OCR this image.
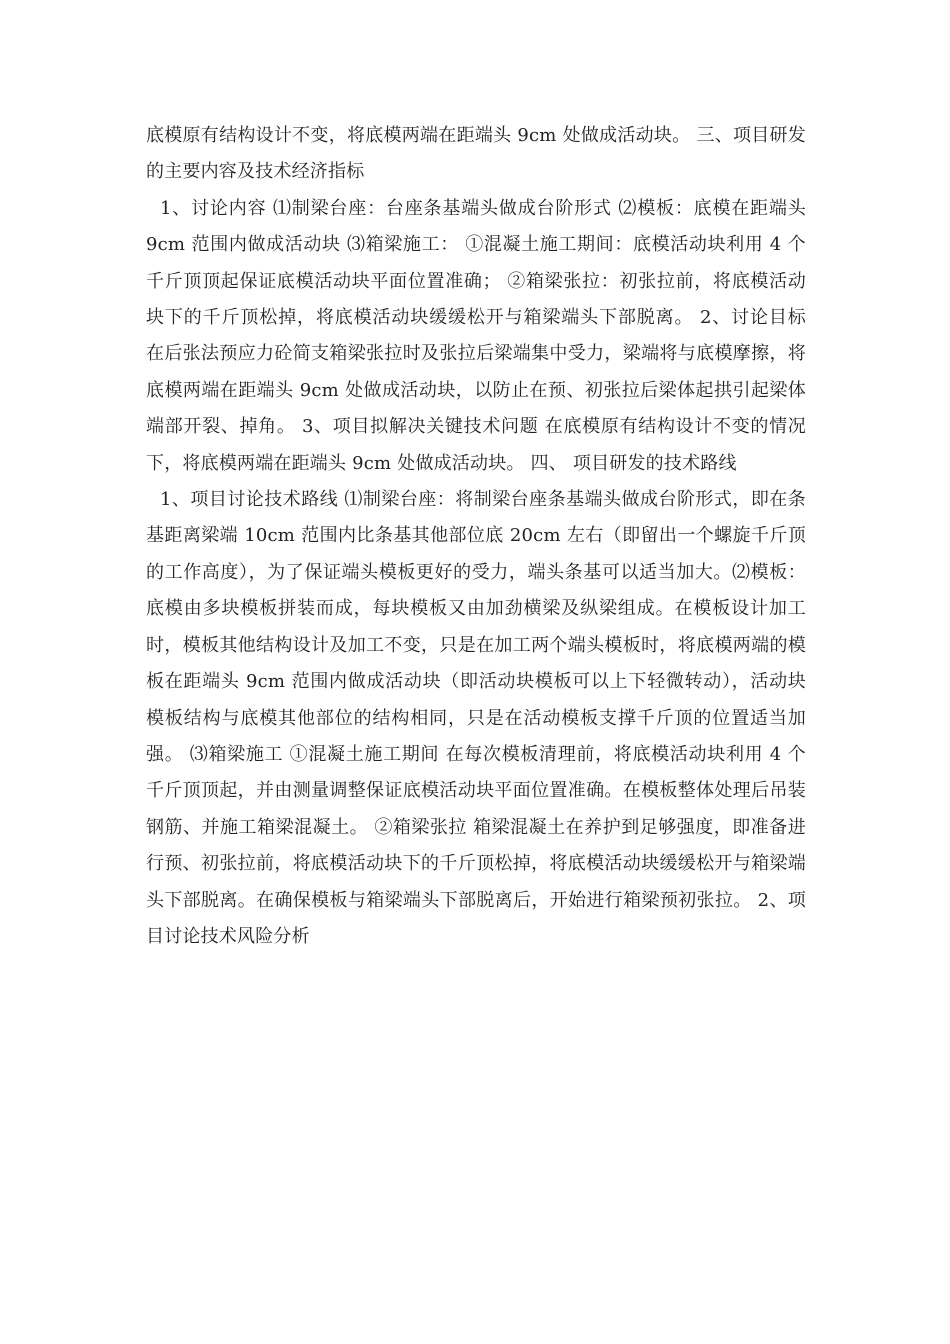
底模原有结构设计不变，将底模两端在距端头 9cm 处做成活动块。 三、项目研发的主要内容及技术经济指标

1、讨论内容 ⑴制梁台座：台座条基端头做成台阶形式 ⑵模板：底模在距端头 9cm 范围内做成活动块 ⑶箱梁施工： ①混凝土施工期间：底模活动块利用 4 个千斤顶顶起保证底模活动块平面位置准确； ②箱梁张拉：初张拉前，将底模活动块下的千斤顶松掉，将底模活动块缓缓松开与箱梁端头下部脱离。 2、讨论目标 在后张法预应力砼简支箱梁张拉时及张拉后梁端集中受力，梁端将与底模摩擦，将底模两端在距端头 9cm 处做成活动块，以防止在预、初张拉后梁体起拱引起梁体端部开裂、掉角。 3、项目拟解决关键技术问题 在底模原有结构设计不变的情况下，将底模两端在距端头 9cm 处做成活动块。 四、 项目研发的技术路线

1、项目讨论技术路线 ⑴制梁台座：将制梁台座条基端头做成台阶形式，即在条基距离梁端 10cm 范围内比条基其他部位底 20cm 左右（即留出一个螺旋千斤顶的工作高度），为了保证端头模板更好的受力，端头条基可以适当加大。⑵模板：底模由多块模板拼装而成，每块模板又由加劲横梁及纵梁组成。在模板设计加工时，模板其他结构设计及加工不变，只是在加工两个端头模板时，将底模两端的模板在距端头 9cm 范围内做成活动块（即活动块模板可以上下轻微转动），活动块模板结构与底模其他部位的结构相同，只是在活动模板支撑千斤顶的位置适当加强。 ⑶箱梁施工 ①混凝土施工期间 在每次模板清理前，将底模活动块利用 4 个千斤顶顶起，并由测量调整保证底模活动块平面位置准确。在模板整体处理后吊装钢筋、并施工箱梁混凝土。 ②箱梁张拉 箱梁混凝土在养护到足够强度，即准备进行预、初张拉前，将底模活动块下的千斤顶松掉，将底模活动块缓缓松开与箱梁端头下部脱离。在确保模板与箱梁端头下部脱离后，开始进行箱梁预初张拉。 2、项目讨论技术风险分析
